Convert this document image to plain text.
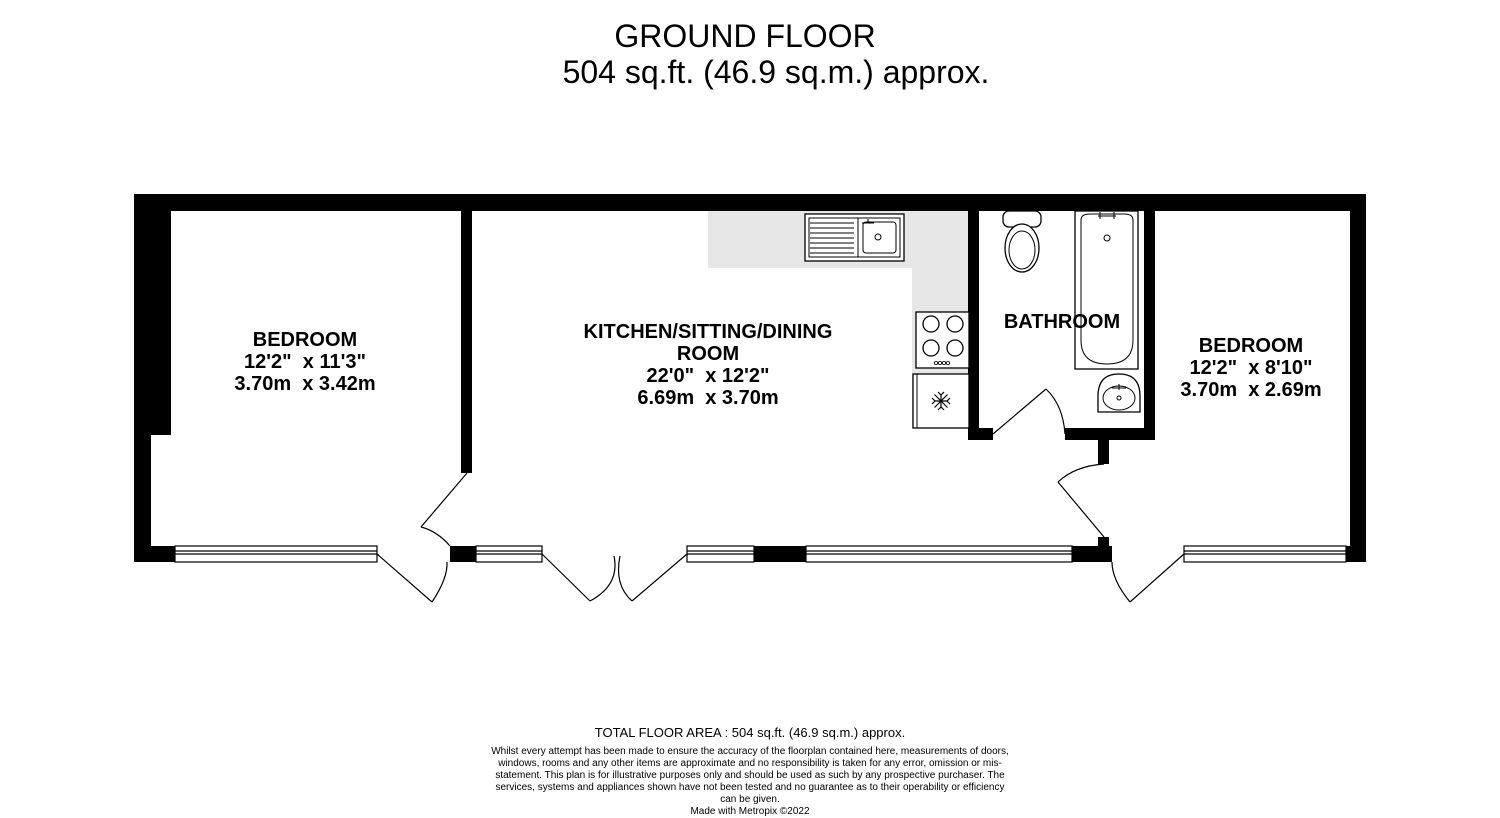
GROUND FLOOR
504 sq.ft. (46.9 sq.m.) approx.
BEDROOM
12'2"  x 11'3"
3.70m  x 3.42m
KITCHEN/SITTING/DINING
ROOM
22'0"  x 12'2"
6.69m  x 3.70m
BATHROOM
BEDROOM
12'2"  x 8'10"
3.70m  x 2.69m
TOTAL FLOOR AREA : 504 sq.ft. (46.9 sq.m.) approx.
Whilst every attempt has been made to ensure the accuracy of the floorplan contained here, measurements of doors, windows, rooms and any other items are approximate and no responsibility is taken for any error, omission or mis-statement. This plan is for illustrative purposes only and should be used as such by any prospective purchaser. The services, systems and appliances shown have not been tested and no guarantee as to their operability or efficiency can be given.
Made with Metropix ©2022
